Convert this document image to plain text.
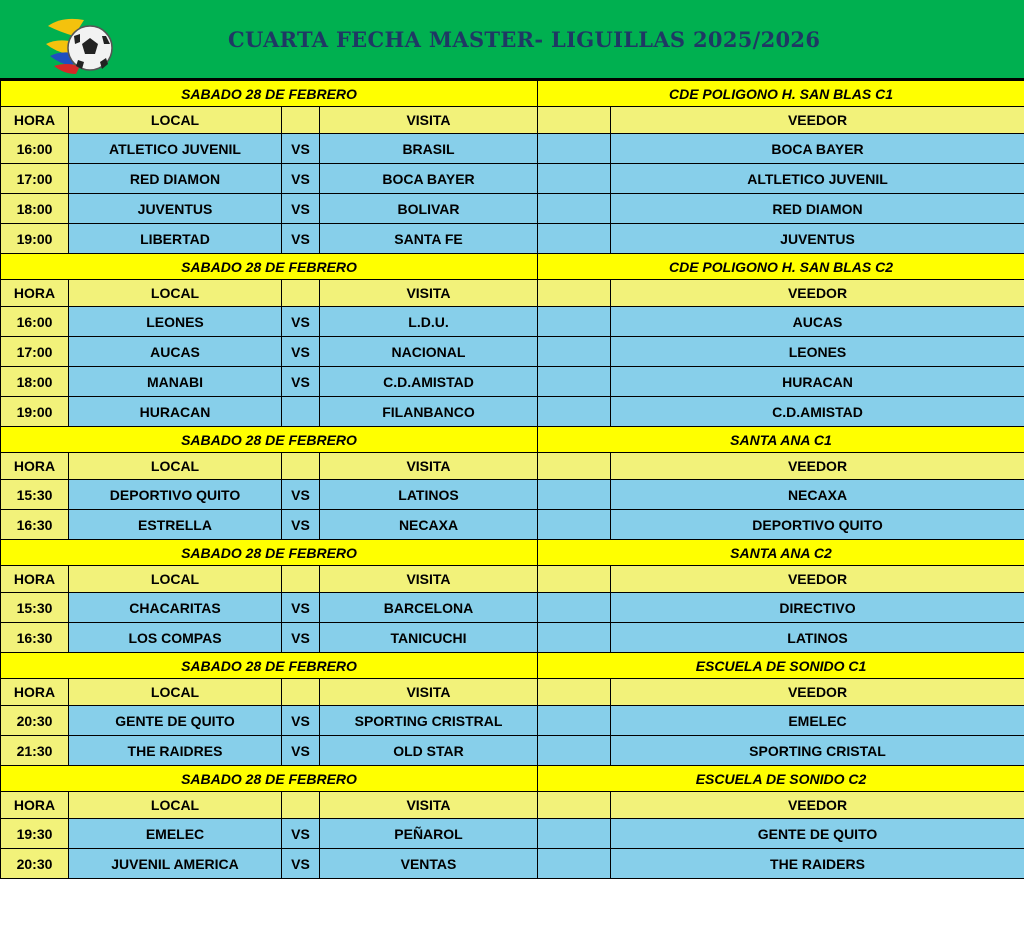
CUARTA FECHA MASTER- LIGUILLAS 2025/2026
SABADO 28 DE FEBRERO				CDE POLIGONO H. SAN BLAS C1	
HORA	LOCAL		VISITA		VEEDOR
16:00	ATLETICO JUVENIL	VS	BRASIL		BOCA BAYER
17:00	RED DIAMON	VS	BOCA BAYER		ALTLETICO JUVENIL
18:00	JUVENTUS	VS	BOLIVAR		RED DIAMON
19:00	LIBERTAD	VS	SANTA FE		JUVENTUS
SABADO 28 DE FEBRERO				CDE POLIGONO H. SAN BLAS C2	
HORA	LOCAL		VISITA		VEEDOR
16:00	LEONES	VS	L.D.U.		AUCAS
17:00	AUCAS	VS	NACIONAL		LEONES
18:00	MANABI	VS	C.D.AMISTAD		HURACAN
19:00	HURACAN		FILANBANCO		C.D.AMISTAD
SABADO 28 DE FEBRERO				SANTA ANA C1	
HORA	LOCAL		VISITA		VEEDOR
15:30	DEPORTIVO QUITO	VS	LATINOS		NECAXA
16:30	ESTRELLA	VS	NECAXA		DEPORTIVO QUITO
SABADO 28 DE FEBRERO				SANTA ANA C2	
HORA	LOCAL		VISITA		VEEDOR
15:30	CHACARITAS	VS	BARCELONA		DIRECTIVO
16:30	LOS COMPAS	VS	TANICUCHI		LATINOS
SABADO 28 DE FEBRERO				ESCUELA DE SONIDO C1	
HORA	LOCAL		VISITA		VEEDOR
20:30	GENTE DE QUITO	VS	SPORTING CRISTRAL		EMELEC
21:30	THE RAIDRES	VS	OLD STAR		SPORTING CRISTAL
SABADO 28 DE FEBRERO				ESCUELA DE SONIDO C2	
HORA	LOCAL		VISITA		VEEDOR
19:30	EMELEC	VS	PEÑAROL		GENTE DE QUITO
20:30	JUVENIL AMERICA	VS	VENTAS		THE RAIDERS
